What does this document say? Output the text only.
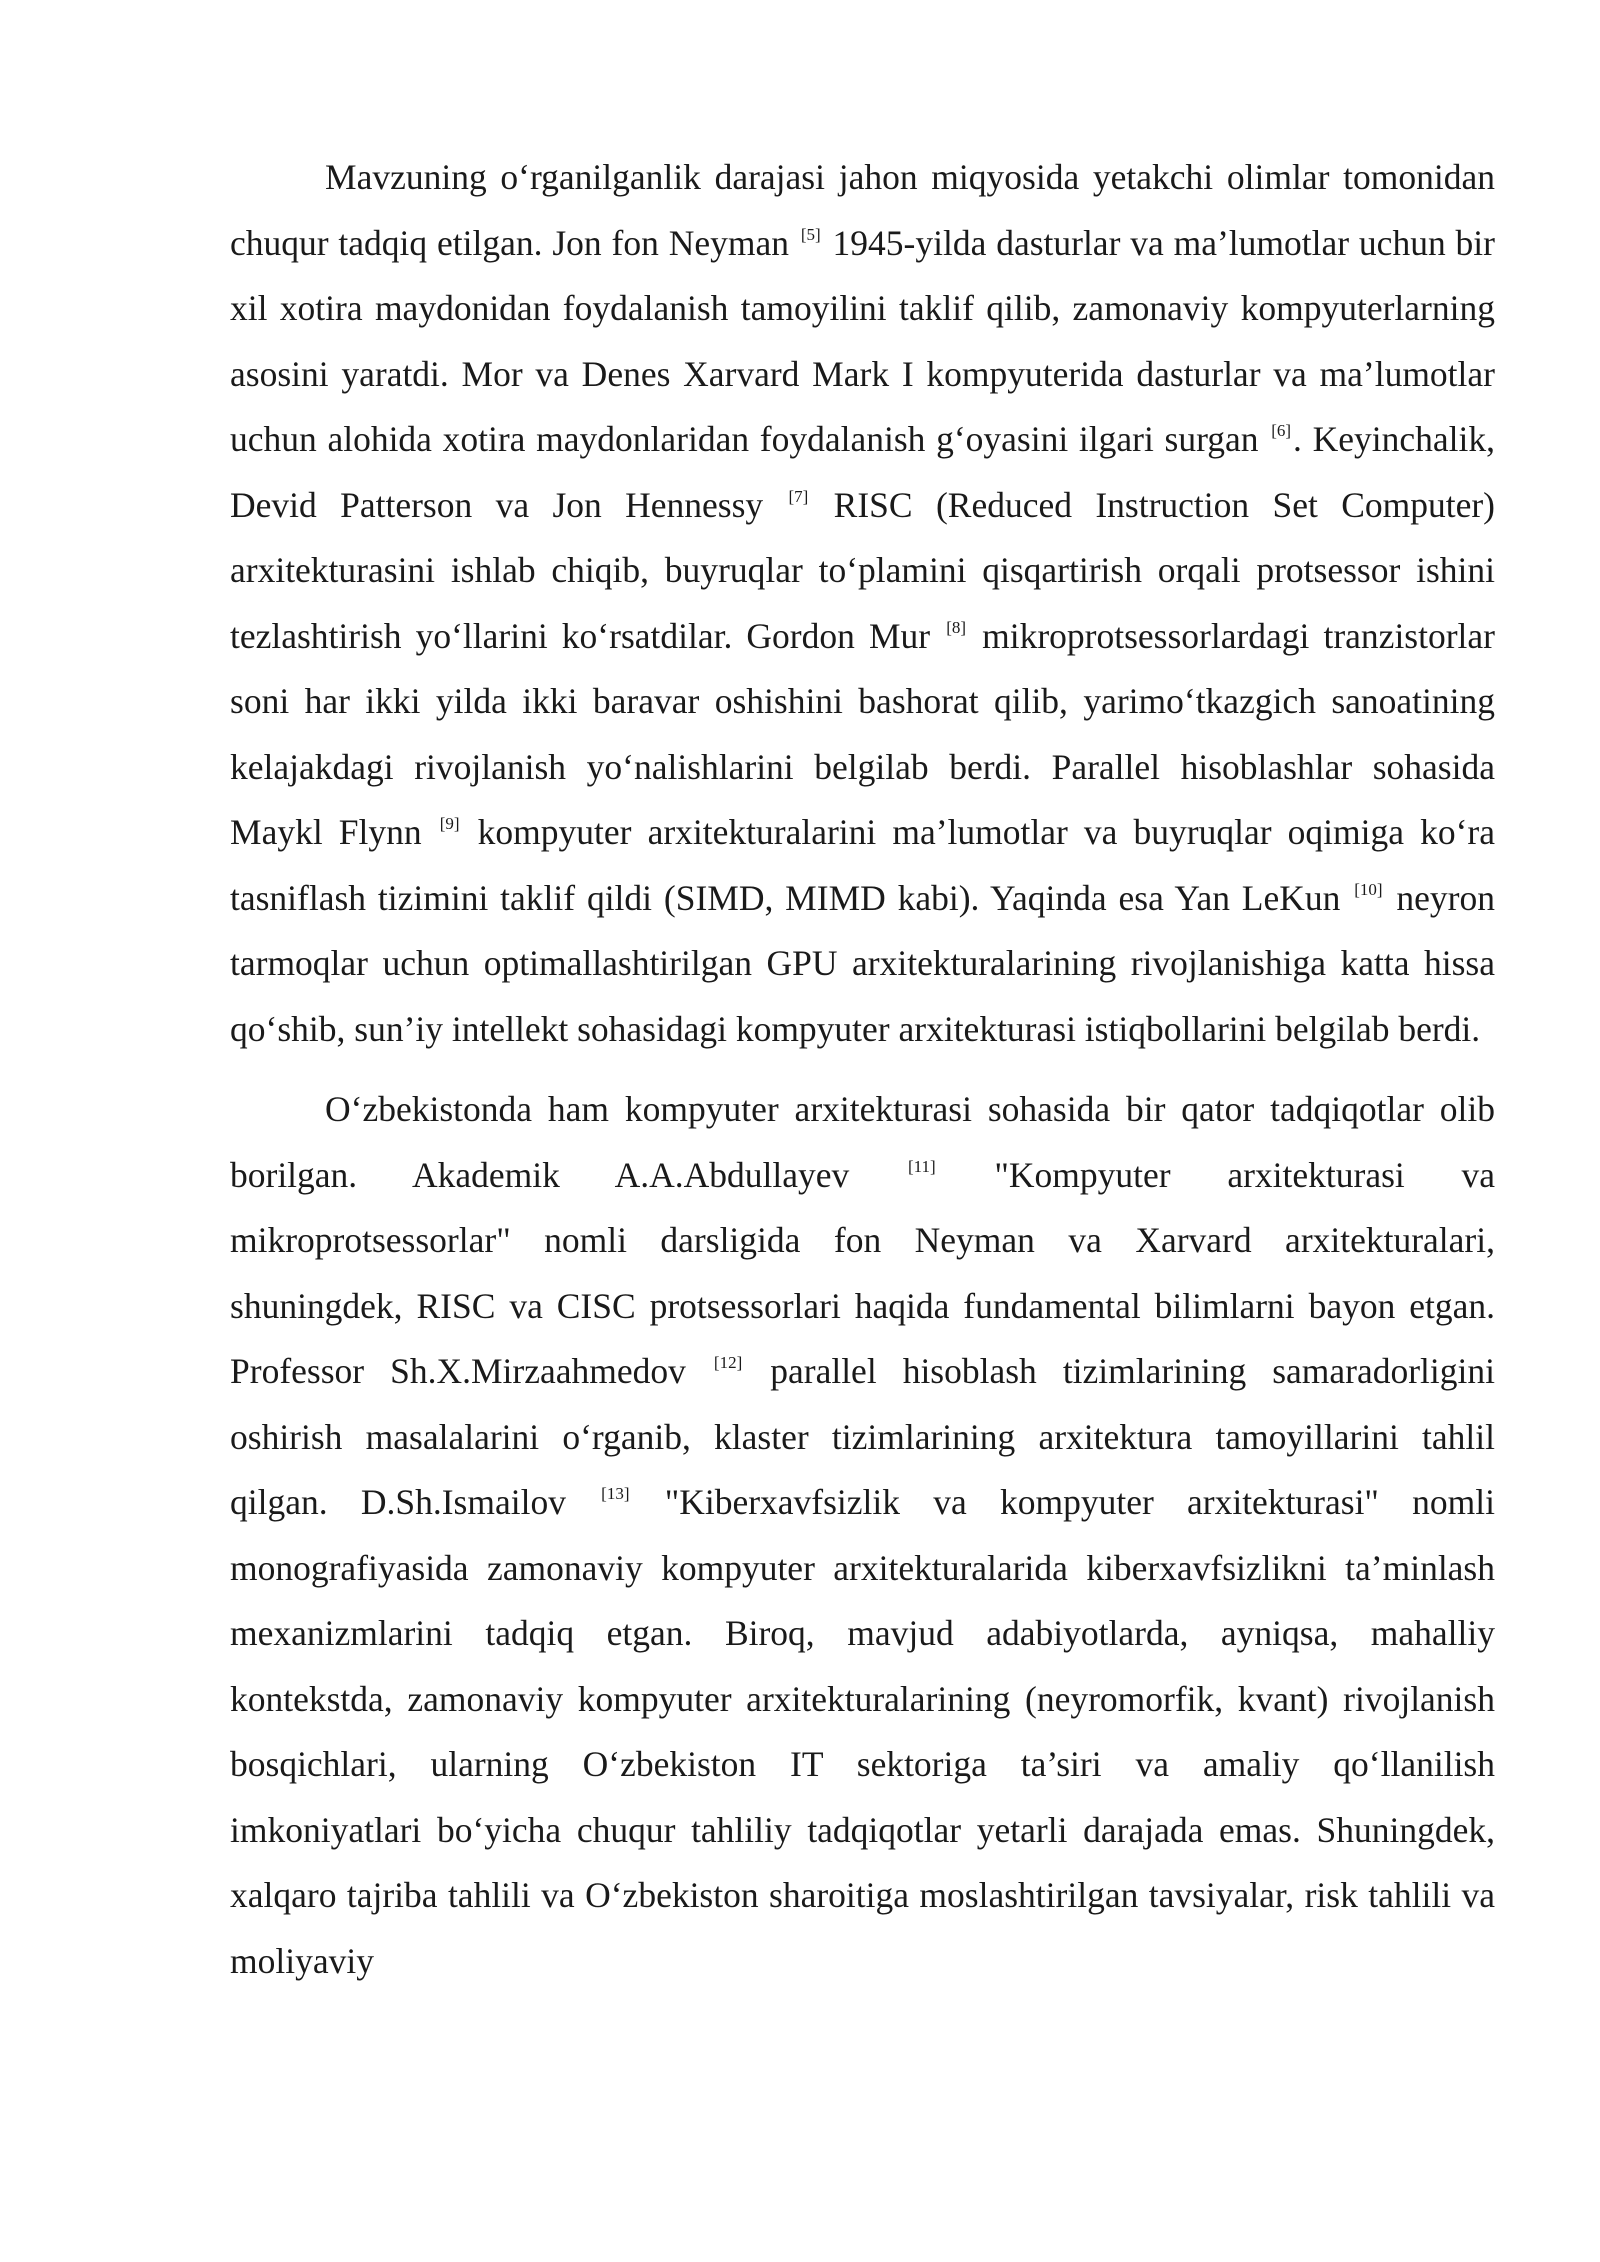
Mavzuning o‘rganilganlik darajasi jahon miqyosida yetakchi olimlar tomonidan chuqur tadqiq etilgan. Jon fon Neyman [5] 1945-yilda dasturlar va ma’lumotlar uchun bir xil xotira maydonidan foydalanish tamoyilini taklif qilib, zamonaviy kompyuterlarning asosini yaratdi. Mor va Denes Xarvard Mark I kompyuterida dasturlar va ma’lumotlar uchun alohida xotira maydonlaridan foydalanish g‘oyasini ilgari surgan [6]. Keyinchalik, Devid Patterson va Jon Hennessy [7] RISC (Reduced Instruction Set Computer) arxitekturasini ishlab chiqib, buyruqlar to‘plamini qisqartirish orqali protsessor ishini tezlashtirish yo‘llarini ko‘rsatdilar. Gordon Mur [8] mikroprotsessorlardagi tranzistorlar soni har ikki yilda ikki baravar oshishini bashorat qilib, yarimo‘tkazgich sanoatining kelajakdagi rivojlanish yo‘nalishlarini belgilab berdi. Parallel hisoblashlar sohasida Maykl Flynn [9] kompyuter arxitekturalarini ma’lumotlar va buyruqlar oqimiga ko‘ra tasniflash tizimini taklif qildi (SIMD, MIMD kabi). Yaqinda esa Yan LeKun [10] neyron tarmoqlar uchun optimallashtirilgan GPU arxitekturalarining rivojlanishiga katta hissa qo‘shib, sun’iy intellekt sohasidagi kompyuter arxitekturasi istiqbollarini belgilab berdi.

O‘zbekistonda ham kompyuter arxitekturasi sohasida bir qator tadqiqotlar olib borilgan. Akademik A.A.Abdullayev [11] "Kompyuter arxitekturasi va mikroprotsessorlar" nomli darsligida fon Neyman va Xarvard arxitekturalari, shuningdek, RISC va CISC protsessorlari haqida fundamental bilimlarni bayon etgan. Professor Sh.X.Mirzaahmedov [12] parallel hisoblash tizimlarining samaradorligini oshirish masalalarini o‘rganib, klaster tizimlarining arxitektura tamoyillarini tahlil qilgan. D.Sh.Ismailov [13] "Kiberxavfsizlik va kompyuter arxitekturasi" nomli monografiyasida zamonaviy kompyuter arxitekturalarida kiberxavfsizlikni ta’minlash mexanizmlarini tadqiq etgan. Biroq, mavjud adabiyotlarda, ayniqsa, mahalliy kontekstda, zamonaviy kompyuter arxitekturalarining (neyromorfik, kvant) rivojlanish bosqichlari, ularning O‘zbekiston IT sektoriga ta’siri va amaliy qo‘llanilish imkoniyatlari bo‘yicha chuqur tahliliy tadqiqotlar yetarli darajada emas. Shuningdek, xalqaro tajriba tahlili va O‘zbekiston sharoitiga moslashtirilgan tavsiyalar, risk tahlili va moliyaviy
